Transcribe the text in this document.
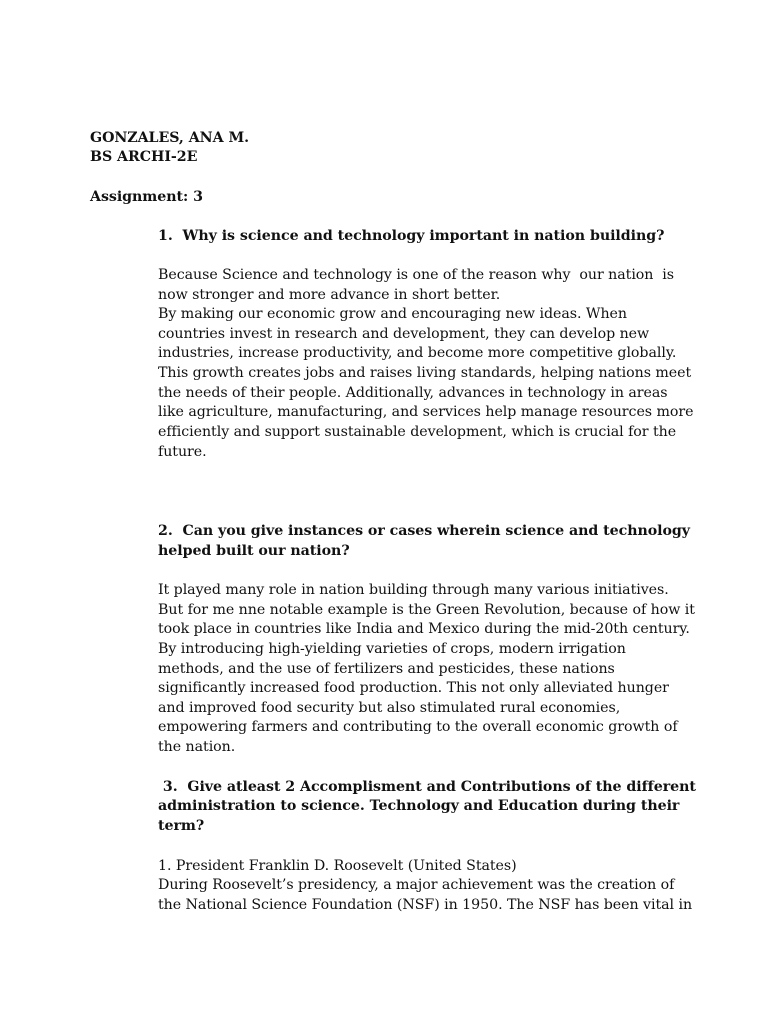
GONZALES, ANA M.
BS ARCHI-2E
Assignment: 3
1.  Why is science and technology important in nation building?
Because Science and technology is one of the reason why  our nation  is
now stronger and more advance in short better.
By making our economic grow and encouraging new ideas. When
countries invest in research and development, they can develop new
industries, increase productivity, and become more competitive globally.
This growth creates jobs and raises living standards, helping nations meet
the needs of their people. Additionally, advances in technology in areas
like agriculture, manufacturing, and services help manage resources more
efficiently and support sustainable development, which is crucial for the
future.
2.  Can you give instances or cases wherein science and technology
helped built our nation?
It played many role in nation building through many various initiatives.
But for me nne notable example is the Green Revolution, because of how it
took place in countries like India and Mexico during the mid-20th century.
By introducing high-yielding varieties of crops, modern irrigation
methods, and the use of fertilizers and pesticides, these nations
significantly increased food production. This not only alleviated hunger
and improved food security but also stimulated rural economies,
empowering farmers and contributing to the overall economic growth of
the nation.
3.  Give atleast 2 Accomplisment and Contributions of the different
administration to science. Technology and Education during their
term?
1. President Franklin D. Roosevelt (United States)
During Roosevelt’s presidency, a major achievement was the creation of
the National Science Foundation (NSF) in 1950. The NSF has been vital in
